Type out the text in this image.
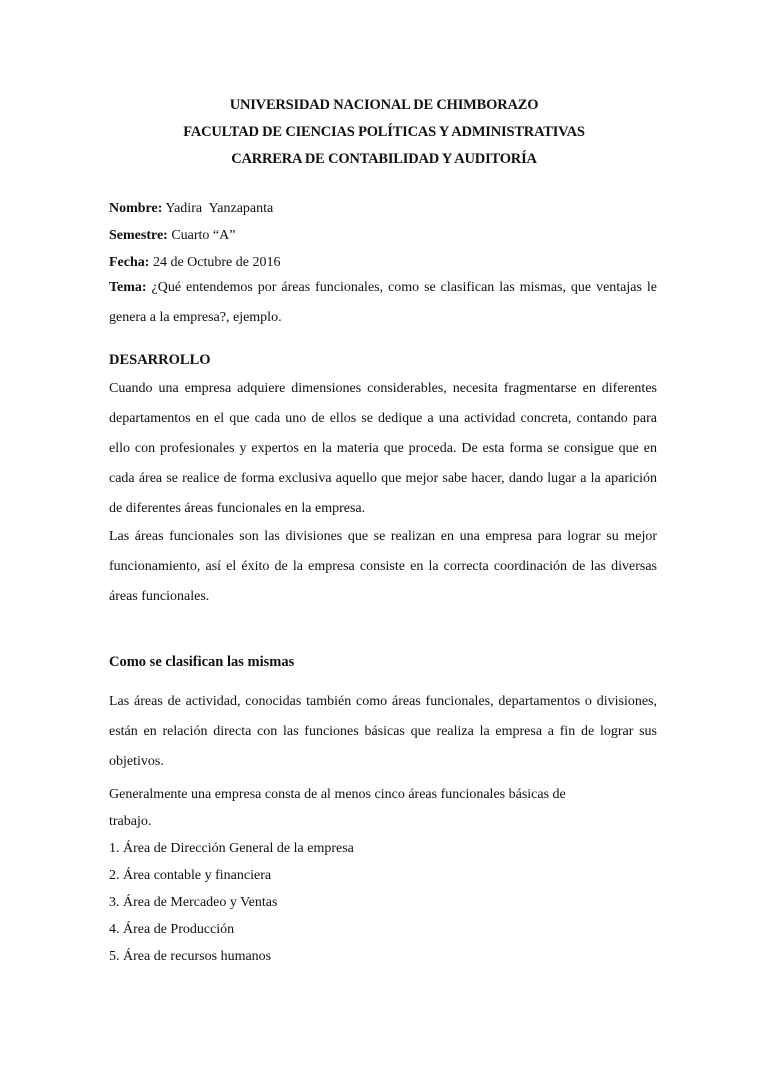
UNIVERSIDAD NACIONAL DE CHIMBORAZO
FACULTAD DE CIENCIAS POLÍTICAS Y ADMINISTRATIVAS
CARRERA DE CONTABILIDAD Y AUDITORÍA
Nombre: Yadira  Yanzapanta
Semestre: Cuarto “A”
Fecha: 24 de Octubre de 2016
Tema: ¿Qué entendemos por áreas funcionales, como se clasifican las mismas, que ventajas le genera a la empresa?, ejemplo.
DESARROLLO

Cuando una empresa adquiere dimensiones considerables, necesita fragmentarse en diferentes departamentos en el que cada uno de ellos se dedique a una actividad concreta, contando para ello con profesionales y expertos en la materia que proceda. De esta forma se consigue que en cada área se realice de forma exclusiva aquello que mejor sabe hacer, dando lugar a la aparición de diferentes áreas funcionales en la empresa.

Las áreas funcionales son las divisiones que se realizan en una empresa para lograr su mejor funcionamiento, así el éxito de la empresa consiste en la correcta coordinación de las diversas áreas funcionales.

Como se clasifican las mismas

Las áreas de actividad, conocidas también como áreas funcionales, departamentos o divisiones, están en relación directa con las funciones básicas que realiza la empresa a fin de lograr sus objetivos.

Generalmente una empresa consta de al menos cinco áreas funcionales básicas de
trabajo.
1. Área de Dirección General de la empresa
2. Área contable y financiera
3. Área de Mercadeo y Ventas
4. Área de Producción
5. Área de recursos humanos
